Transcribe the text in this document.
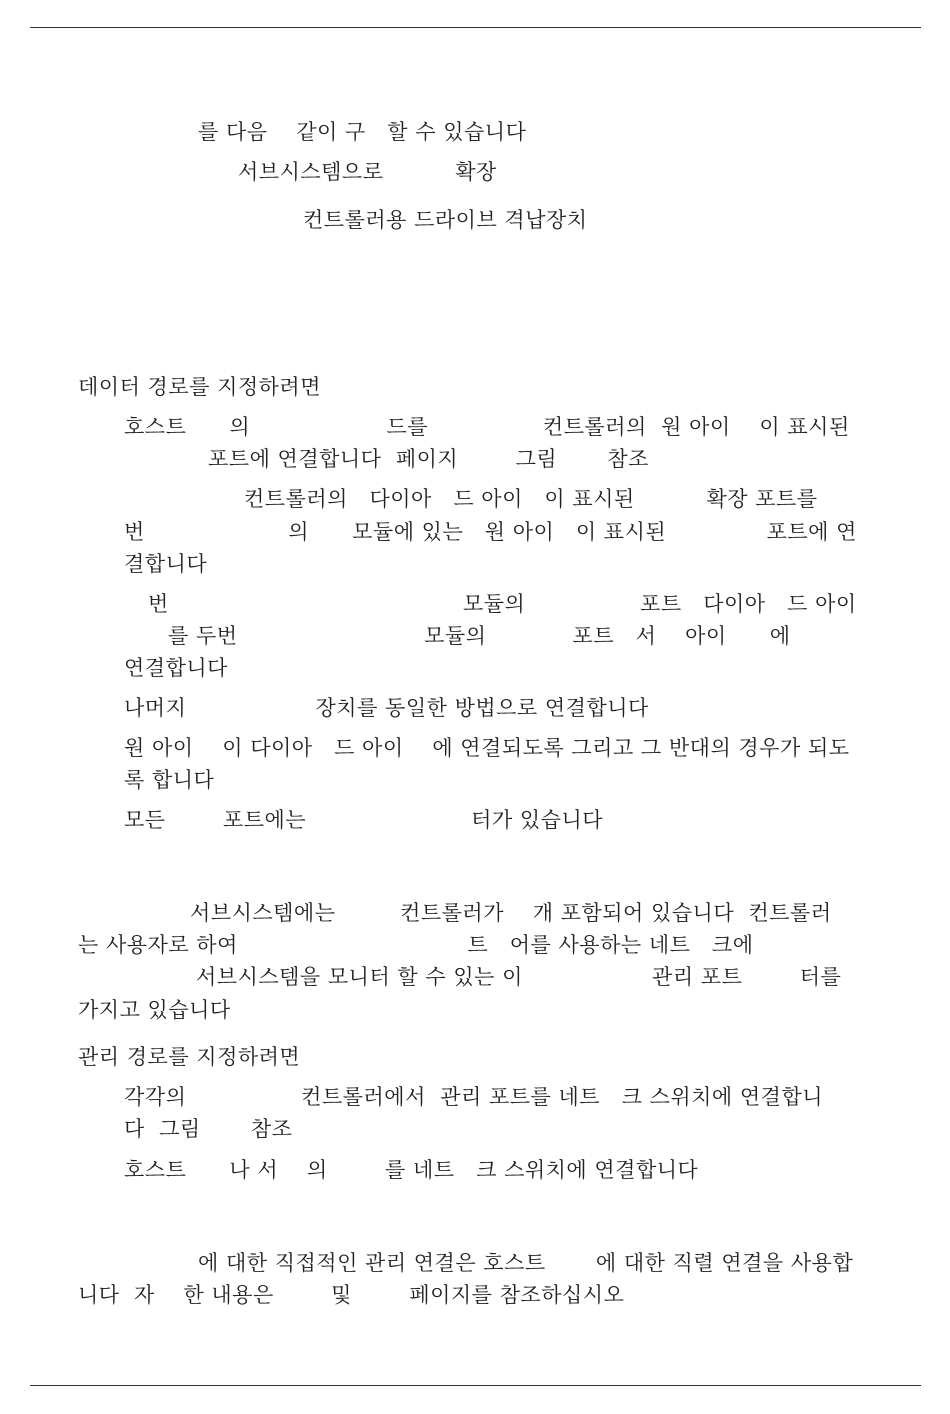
를 다음    같이 구   할 수 있습니다
서브시스템으로          확장
컨트롤러용 드라이브 격납장치
데이터 경로를 지정하려면
호스트      의                   드를                컨트롤러의  원 아이    이 표시된
포트에 연결합니다  페이지        그림       참조
컨트롤러의   다이아   드 아이   이 표시된          확장 포트를
번                    의      모듈에 있는   원 아이   이 표시된              포트에 연
결합니다
번                                         모듈의                포트   다이아   드 아이
를 두번                          모듈의            포트   서    아이      에
연결합니다
나머지                  장치를 동일한 방법으로 연결합니다
원 아이    이 다이아   드 아이    에 연결되도록 그리고 그 반대의 경우가 되도
록 합니다
모든        포트에는                       터가 있습니다
서브시스템에는         컨트롤러가    개 포함되어 있습니다  컨트롤러
는 사용자로 하여                                트   어를 사용하는 네트   크에
서브시스템을 모니터 할 수 있는 이                  관리 포트        터를
가지고 있습니다
관리 경로를 지정하려면
각각의                컨트롤러에서  관리 포트를 네트   크 스위치에 연결합니
다  그림       참조
호스트      나 서    의        를 네트   크 스위치에 연결합니다
에 대한 직접적인 관리 연결은 호스트       에 대한 직렬 연결을 사용합
니다  자    한 내용은        및        페이지를 참조하십시오
